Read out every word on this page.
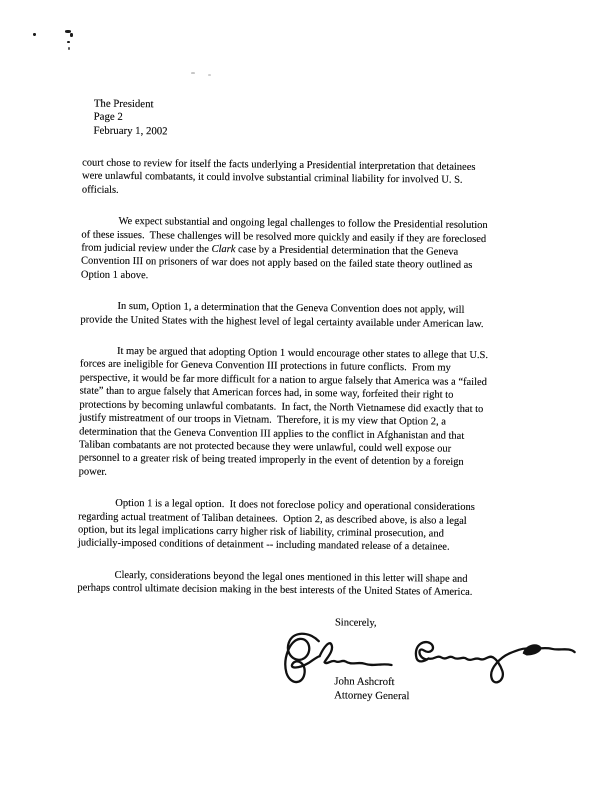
The President
Page 2
February 1, 2002

court chose to review for itself the facts underlying a Presidential interpretation that detainees
were unlawful combatants, it could involve substantial criminal liability for involved U. S.
officials.

We expect substantial and ongoing legal challenges to follow the Presidential resolution
of these issues.  These challenges will be resolved more quickly and easily if they are foreclosed
from judicial review under the Clark case by a Presidential determination that the Geneva
Convention III on prisoners of war does not apply based on the failed state theory outlined as
Option 1 above.

In sum, Option 1, a determination that the Geneva Convention does not apply, will
provide the United States with the highest level of legal certainty available under American law.

It may be argued that adopting Option 1 would encourage other states to allege that U.S.
forces are ineligible for Geneva Convention III protections in future conflicts.  From my
perspective, it would be far more difficult for a nation to argue falsely that America was a “failed
state” than to argue falsely that American forces had, in some way, forfeited their right to
protections by becoming unlawful combatants.  In fact, the North Vietnamese did exactly that to
justify mistreatment of our troops in Vietnam.  Therefore, it is my view that Option 2, a
determination that the Geneva Convention III applies to the conflict in Afghanistan and that
Taliban combatants are not protected because they were unlawful, could well expose our
personnel to a greater risk of being treated improperly in the event of detention by a foreign
power.

Option 1 is a legal option.  It does not foreclose policy and operational considerations
regarding actual treatment of Taliban detainees.  Option 2, as described above, is also a legal
option, but its legal implications carry higher risk of liability, criminal prosecution, and
judicially-imposed conditions of detainment -- including mandated release of a detainee.

Clearly, considerations beyond the legal ones mentioned in this letter will shape and
perhaps control ultimate decision making in the best interests of the United States of America.

Sincerely,
John Ashcroft
Attorney General
